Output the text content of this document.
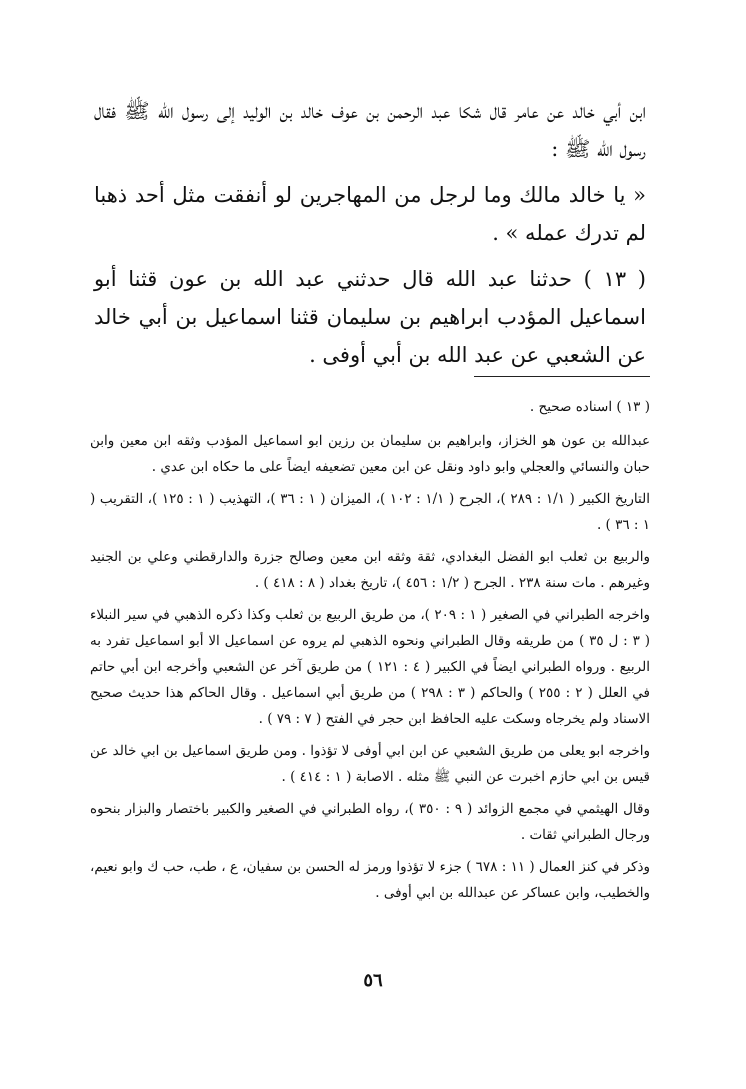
ابن أبي خالد عن عامر قال شكا عبد الرحمن بن عوف خالد بن الوليد إلى رسول الله ﷺ فقال رسول الله ﷺ :

« يا خالد مالك وما لرجل من المهاجرين لو أنفقت مثل أحد ذهبا لم تدرك عمله » .

( ١٣ ) حدثنا عبد الله قال حدثني عبد الله بن عون قثنا أبو اسماعيل المؤدب ابراهيم بن سليمان قثنا اسماعيل بن أبي خالد عن الشعبي عن عبد الله بن أبي أوفى .

( ١٣ ) اسناده صحيح .

عبدالله بن عون هو الخزاز، وابراهيم بن سليمان بن رزين ابو اسماعيل المؤدب وثقه ابن معين وابن حبان والنسائي والعجلي وابو داود ونقل عن ابن معين تضعيفه ايضاً على ما حكاه ابن عدي .

التاريخ الكبير ( ١/١ : ٢٨٩ )، الجرح ( ١/١ : ١٠٢ )، الميزان ( ١ : ٣٦ )، التهذيب ( ١ : ١٢٥ )، التقريب ( ١ : ٣٦ ) .

والربيع بن ثعلب ابو الفضل البغدادي، ثقة وثقه ابن معين وصالح جزرة والدارقطني وعلي بن الجنيد وغيرهم . مات سنة ٢٣٨ . الجرح ( ١/٢ : ٤٥٦ )، تاريخ بغداد ( ٨ : ٤١٨ ) .

واخرجه الطبراني في الصغير ( ١ : ٢٠٩ )، من طريق الربيع بن ثعلب وكذا ذكره الذهبي في سير النبلاء ( ٣ : ل ٣٥ ) من طريقه وقال الطبراني ونحوه الذهبي لم يروه عن اسماعيل الا أبو اسماعيل تفرد به الربيع . ورواه الطبراني ايضاً في الكبير ( ٤ : ١٢١ ) من طريق آخر عن الشعبي وأخرجه ابن أبي حاتم في العلل ( ٢ : ٢٥٥ ) والحاكم ( ٣ : ٢٩٨ ) من طريق أبي اسماعيل . وقال الحاكم هذا حديث صحيح الاسناد ولم يخرجاه وسكت عليه الحافظ ابن حجر في الفتح ( ٧ : ٧٩ ) .

واخرجه ابو يعلى من طريق الشعبي عن ابن ابي أوفى لا تؤذوا . ومن طريق اسماعيل بن ابي خالد عن قيس بن ابي حازم اخبرت عن النبي ﷺ مثله . الاصابة ( ١ : ٤١٤ ) .

وقال الهيثمي في مجمع الزوائد ( ٩ : ٣٥٠ )، رواه الطبراني في الصغير والكبير باختصار والبزار بنحوه ورجال الطبراني ثقات .

وذكر في كنز العمال ( ١١ : ٦٧٨ ) جزء لا تؤذوا ورمز له الحسن بن سفيان، ع ، طب، حب ك وابو نعيم، والخطيب، وابن عساكر عن عبدالله بن ابي أوفى .

٥٦
